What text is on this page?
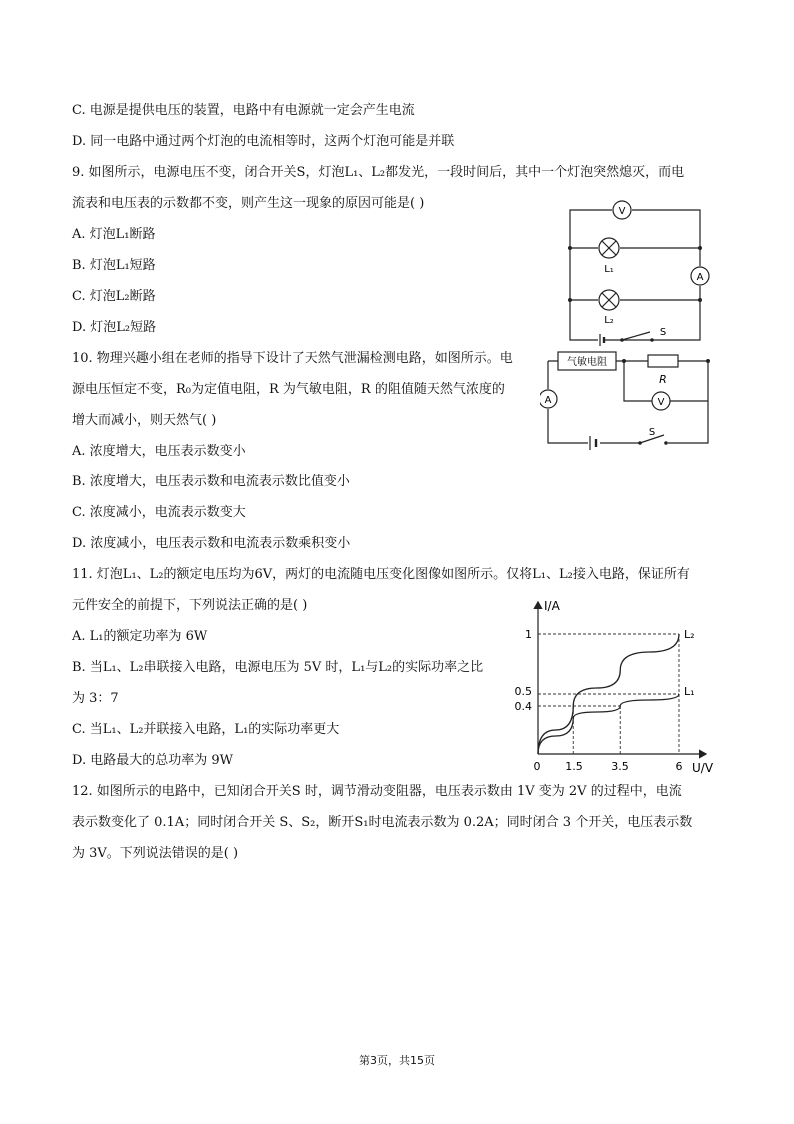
C. 电源是提供电压的装置，电路中有电源就一定会产生电流
D. 同一电路中通过两个灯泡的电流相等时，这两个灯泡可能是并联
9. 如图所示，电源电压不变，闭合开关S，灯泡L₁、L₂都发光，一段时间后，其中一个灯泡突然熄灭，而电
流表和电压表的示数都不变，则产生这一现象的原因可能是( )
A. 灯泡L₁断路
B. 灯泡L₁短路
C. 灯泡L₂断路
D. 灯泡L₂短路
10. 物理兴趣小组在老师的指导下设计了天然气泄漏检测电路，如图所示。电
源电压恒定不变，R₀为定值电阻，R 为气敏电阻，R 的阻值随天然气浓度的
增大而减小，则天然气( )
A. 浓度增大，电压表示数变小
B. 浓度增大，电压表示数和电流表示数比值变小
C. 浓度减小，电流表示数变大
D. 浓度减小，电压表示数和电流表示数乘积变小
11. 灯泡L₁、L₂的额定电压均为6V，两灯的电流随电压变化图像如图所示。仅将L₁、L₂接入电路，保证所有
元件安全的前提下，下列说法正确的是( )
A. L₁的额定功率为 6W
B. 当L₁、L₂串联接入电路，电源电压为 5V 时，L₁与L₂的实际功率之比
为 3：7
C. 当L₁、L₂并联接入电路，L₁的实际功率更大
D. 电路最大的总功率为 9W
12. 如图所示的电路中，已知闭合开关S 时，调节滑动变阻器，电压表示数由 1V 变为 2V 的过程中，电流
表示数变化了 0.1A；同时闭合开关 S、S₂，断开S₁时电流表示数为 0.2A；同时闭合 3 个开关，电压表示数
为 3V。下列说法错误的是( )
V
L₁
L₂
A
S
气敏电阻
R
V
A
S
I/A
U/V
0 1.5	3.5	6
1
0.5
0.4
L₂
L₁
第3页，共15页
